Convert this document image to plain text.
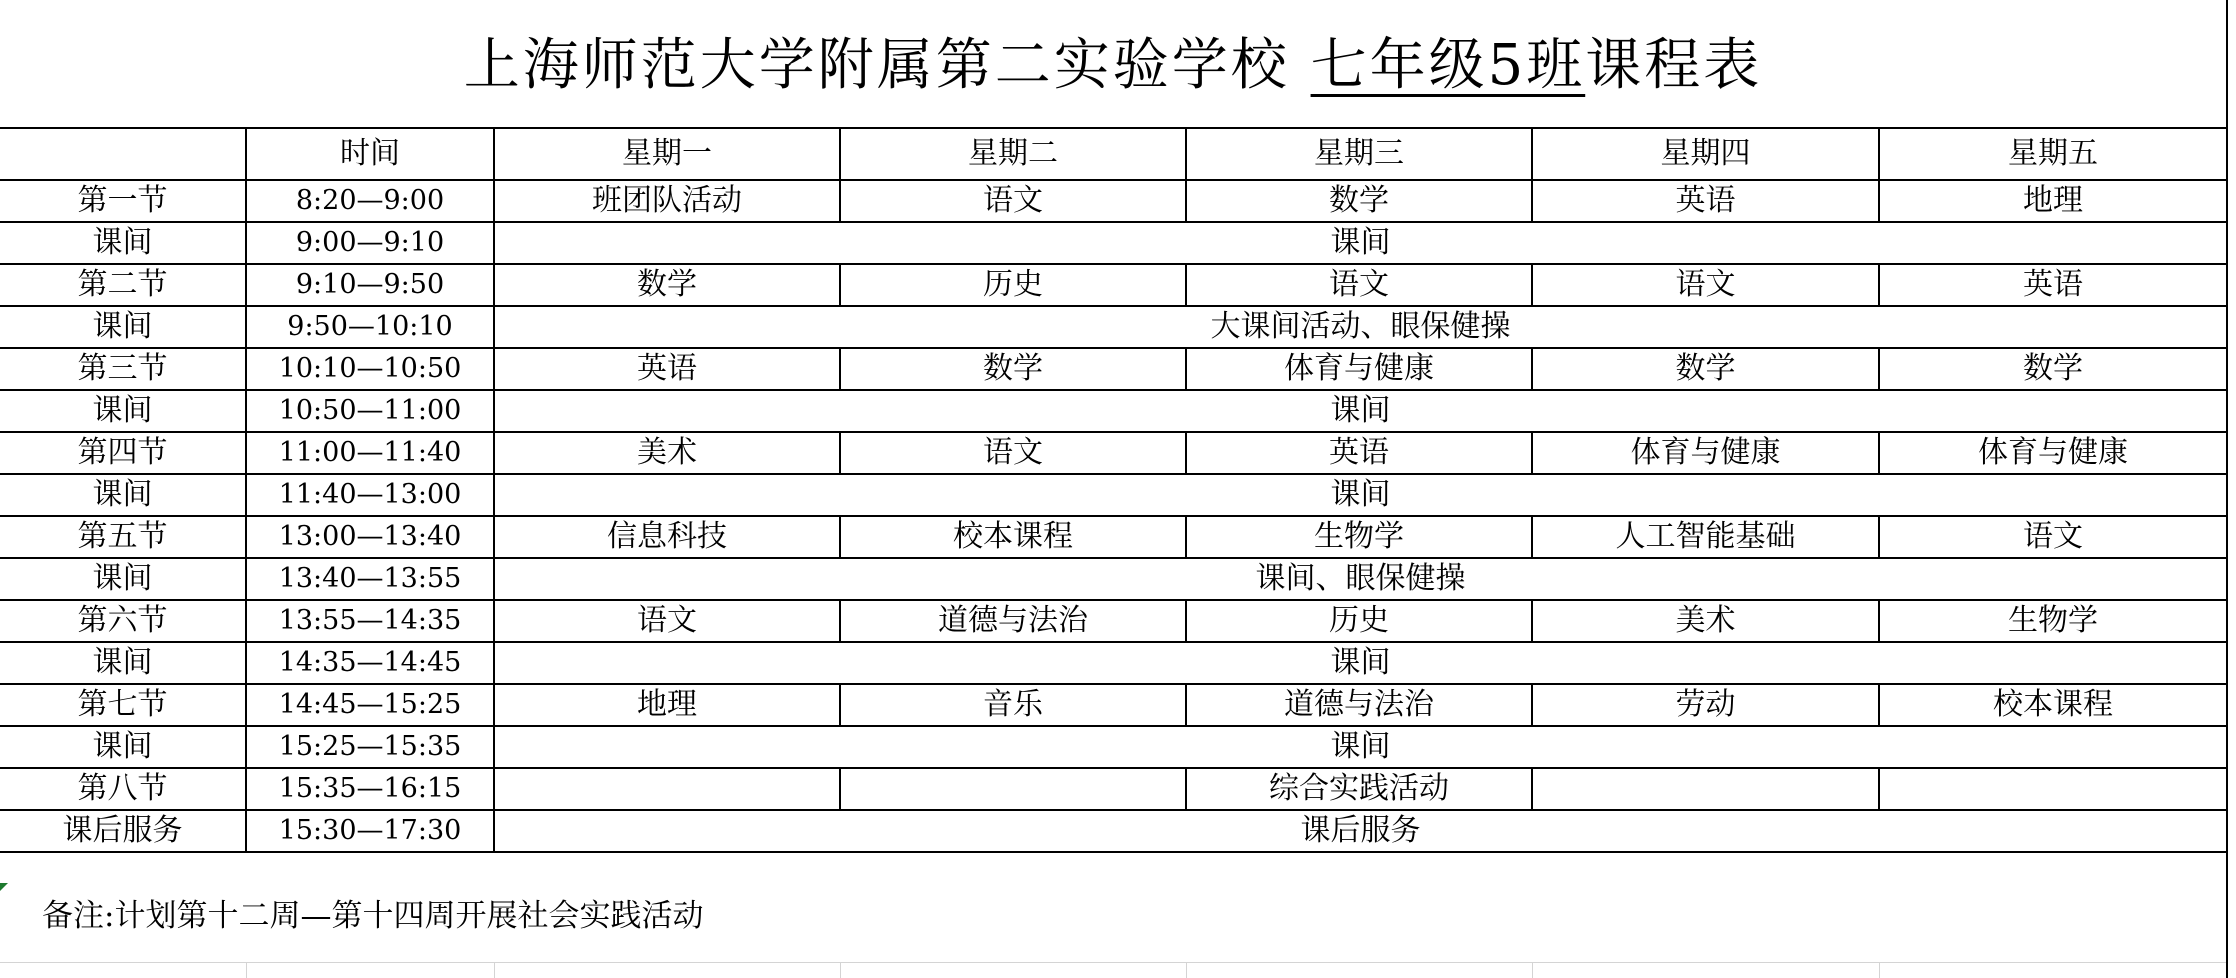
上海师范大学附属第二实验学校 七年级5班课程表
	时间	星期一	星期二	星期三	星期四	星期五
第一节	8:20—9:00	班团队活动	语文	数学	英语	地理
课间	9:00—9:10	课间				
第二节	9:10—9:50	数学	历史	语文	语文	英语
课间	9:50—10:10	大课间活动、眼保健操				
第三节	10:10—10:50	英语	数学	体育与健康	数学	数学
课间	10:50—11:00	课间				
第四节	11:00—11:40	美术	语文	英语	体育与健康	体育与健康
课间	11:40—13:00	课间				
第五节	13:00—13:40	信息科技	校本课程	生物学	人工智能基础	语文
课间	13:40—13:55	课间、眼保健操				
第六节	13:55—14:35	语文	道德与法治	历史	美术	生物学
课间	14:35—14:45	课间				
第七节	14:45—15:25	地理	音乐	道德与法治	劳动	校本课程
课间	15:25—15:35	课间				
第八节	15:35—16:15			综合实践活动		
课后服务	15:30—17:30	课后服务				
备注:计划第十二周—第十四周开展社会实践活动
